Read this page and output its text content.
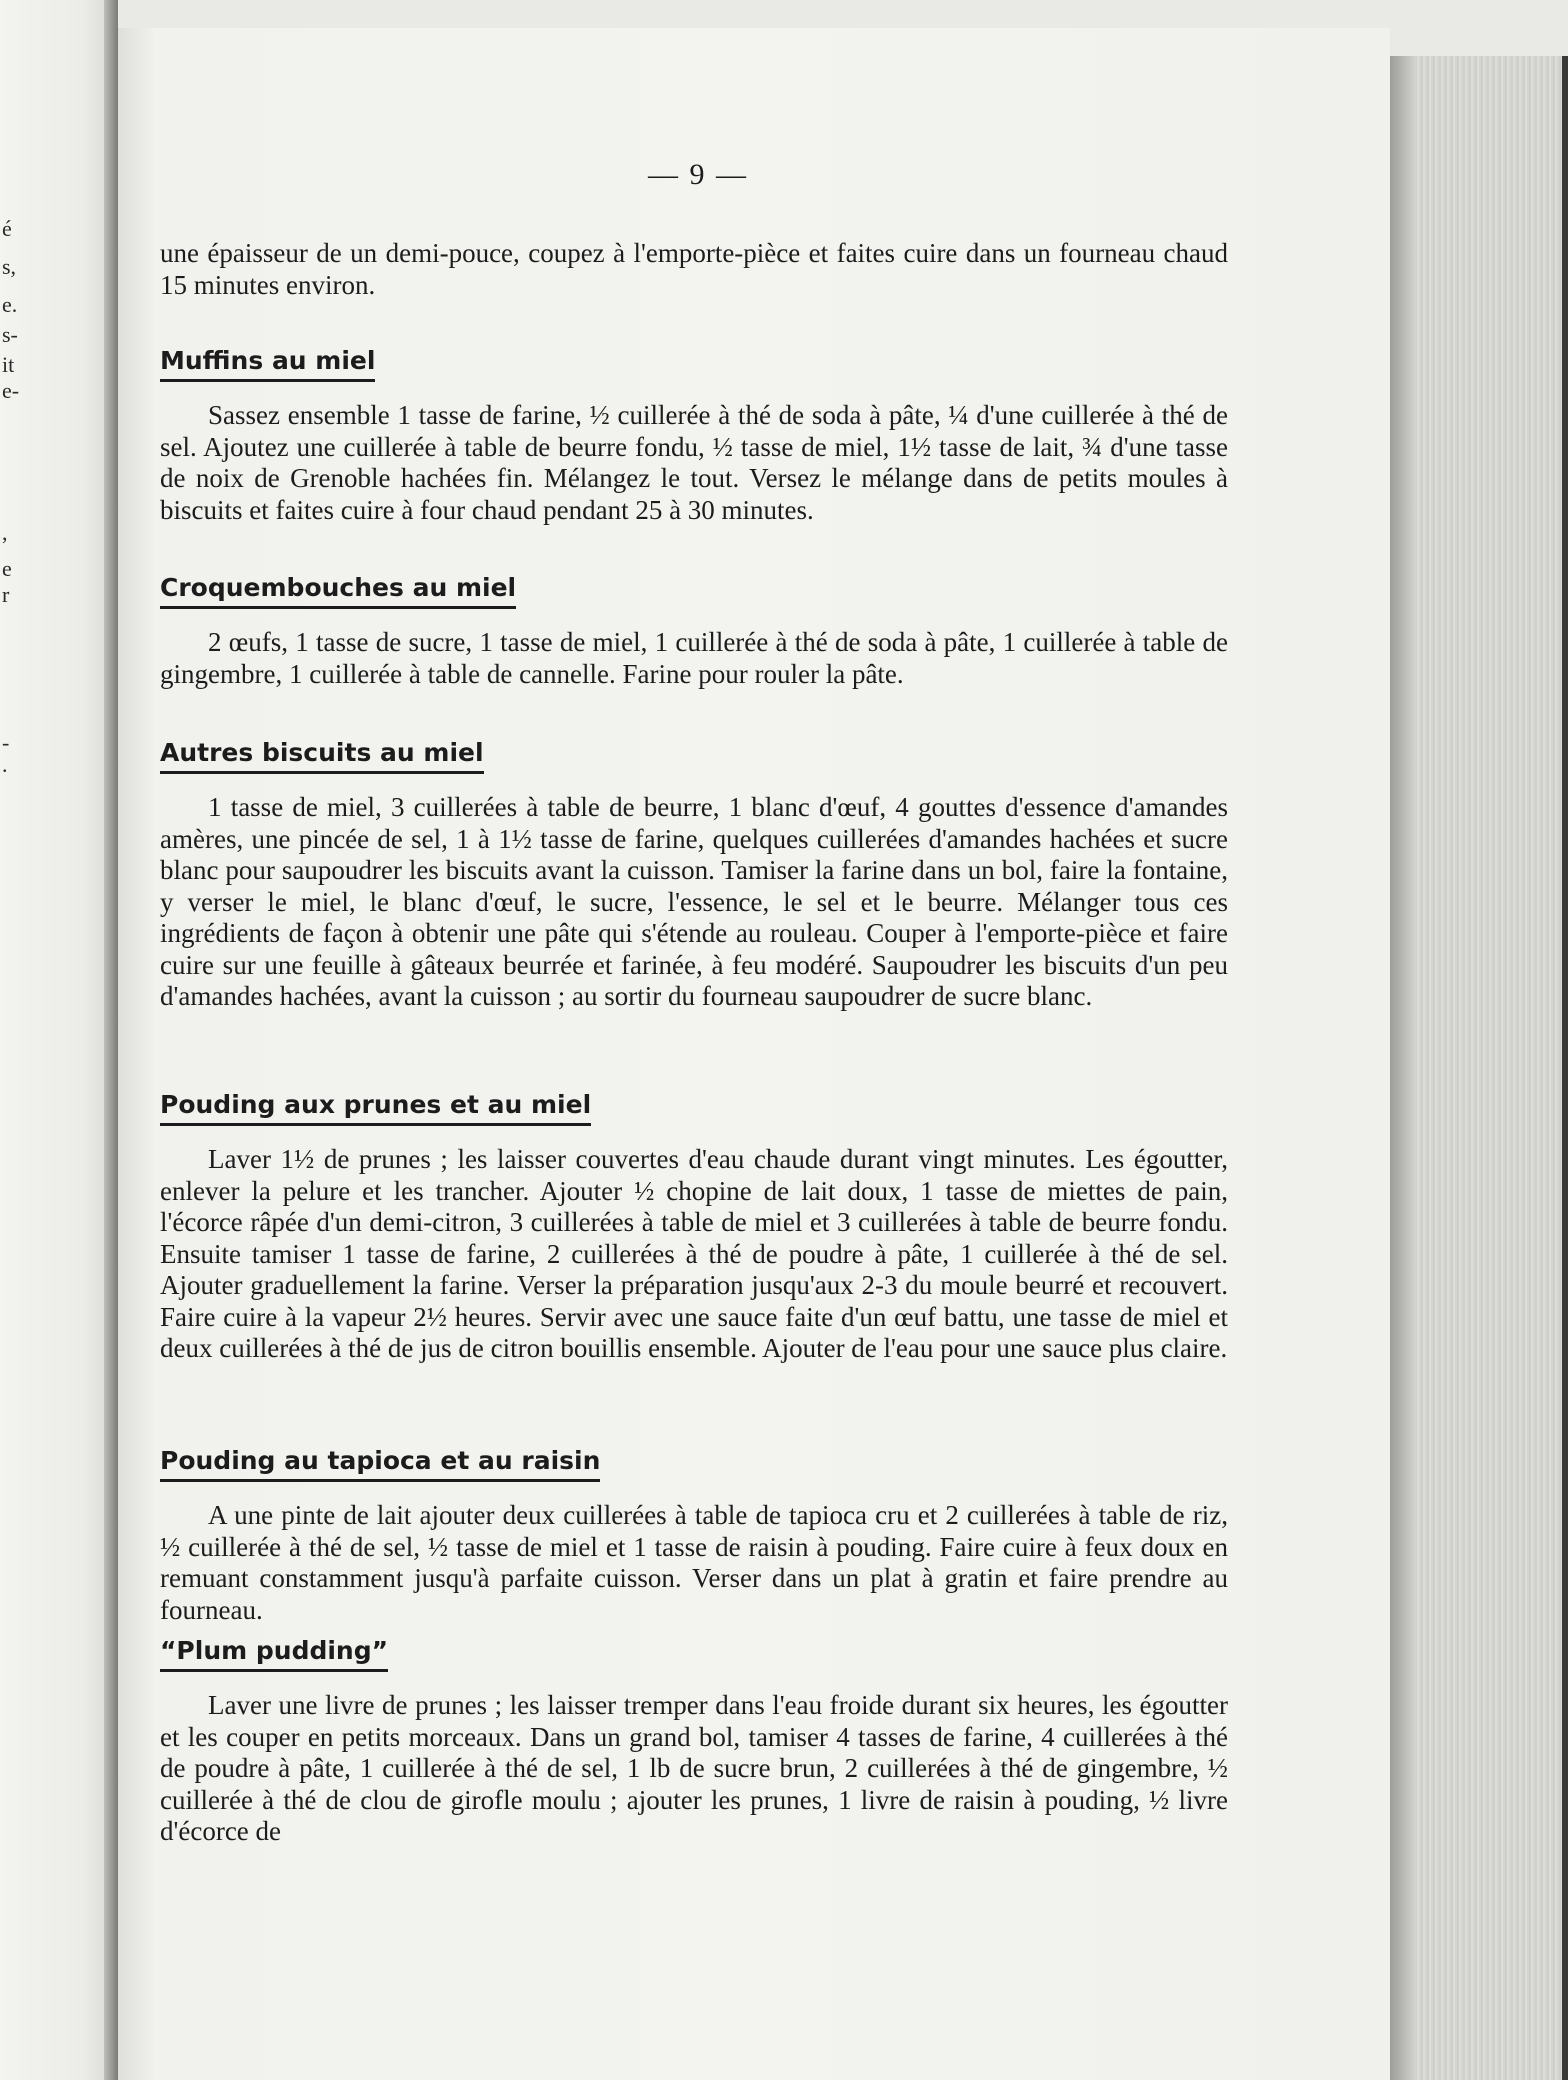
é
s,
e.
s-
it
e-
,
e
r
-
.
— 9 —

une épaisseur de un demi-pouce, coupez à l'emporte-pièce et faites cuire dans un fourneau chaud 15 minutes environ.

Muffins au miel

Sassez ensemble 1 tasse de farine, ½ cuillerée à thé de soda à pâte, ¼ d'une cuillerée à thé de sel. Ajoutez une cuillerée à table de beurre fondu, ½ tasse de miel, 1½ tasse de lait, ¾ d'une tasse de noix de Grenoble hachées fin. Mélangez le tout. Versez le mélange dans de petits moules à biscuits et faites cuire à four chaud pendant 25 à 30 minutes.

Croquembouches au miel

2 œufs, 1 tasse de sucre, 1 tasse de miel, 1 cuillerée à thé de soda à pâte, 1 cuillerée à table de gingembre, 1 cuillerée à table de cannelle. Farine pour rouler la pâte.

Autres biscuits au miel

1 tasse de miel, 3 cuillerées à table de beurre, 1 blanc d'œuf, 4 gouttes d'essence d'amandes amères, une pincée de sel, 1 à 1½ tasse de farine, quelques cuillerées d'amandes hachées et sucre blanc pour saupoudrer les biscuits avant la cuisson. Tamiser la farine dans un bol, faire la fontaine, y verser le miel, le blanc d'œuf, le sucre, l'essence, le sel et le beurre. Mélanger tous ces ingrédients de façon à obtenir une pâte qui s'étende au rouleau. Couper à l'emporte-pièce et faire cuire sur une feuille à gâteaux beurrée et farinée, à feu modéré. Saupoudrer les biscuits d'un peu d'amandes hachées, avant la cuisson ; au sortir du fourneau saupoudrer de sucre blanc.

Pouding aux prunes et au miel

Laver 1½ de prunes ; les laisser couvertes d'eau chaude durant vingt minutes. Les égoutter, enlever la pelure et les trancher. Ajouter ½ chopine de lait doux, 1 tasse de miettes de pain, l'écorce râpée d'un demi-citron, 3 cuillerées à table de miel et 3 cuillerées à table de beurre fondu. Ensuite tamiser 1 tasse de farine, 2 cuillerées à thé de poudre à pâte, 1 cuillerée à thé de sel. Ajouter graduellement la farine. Verser la préparation jusqu'aux 2-3 du moule beurré et recouvert. Faire cuire à la vapeur 2½ heures. Servir avec une sauce faite d'un œuf battu, une tasse de miel et deux cuillerées à thé de jus de citron bouillis ensemble. Ajouter de l'eau pour une sauce plus claire.

Pouding au tapioca et au raisin

A une pinte de lait ajouter deux cuillerées à table de tapioca cru et 2 cuillerées à table de riz, ½ cuillerée à thé de sel, ½ tasse de miel et 1 tasse de raisin à pouding. Faire cuire à feux doux en remuant constamment jusqu'à parfaite cuisson. Verser dans un plat à gratin et faire prendre au fourneau.

“Plum pudding”

Laver une livre de prunes ; les laisser tremper dans l'eau froide durant six heures, les égoutter et les couper en petits morceaux. Dans un grand bol, tamiser 4 tasses de farine, 4 cuillerées à thé de poudre à pâte, 1 cuillerée à thé de sel, 1 lb de sucre brun, 2 cuillerées à thé de gingembre, ½ cuillerée à thé de clou de girofle moulu ; ajouter les prunes, 1 livre de raisin à pouding, ½ livre d'écorce de
